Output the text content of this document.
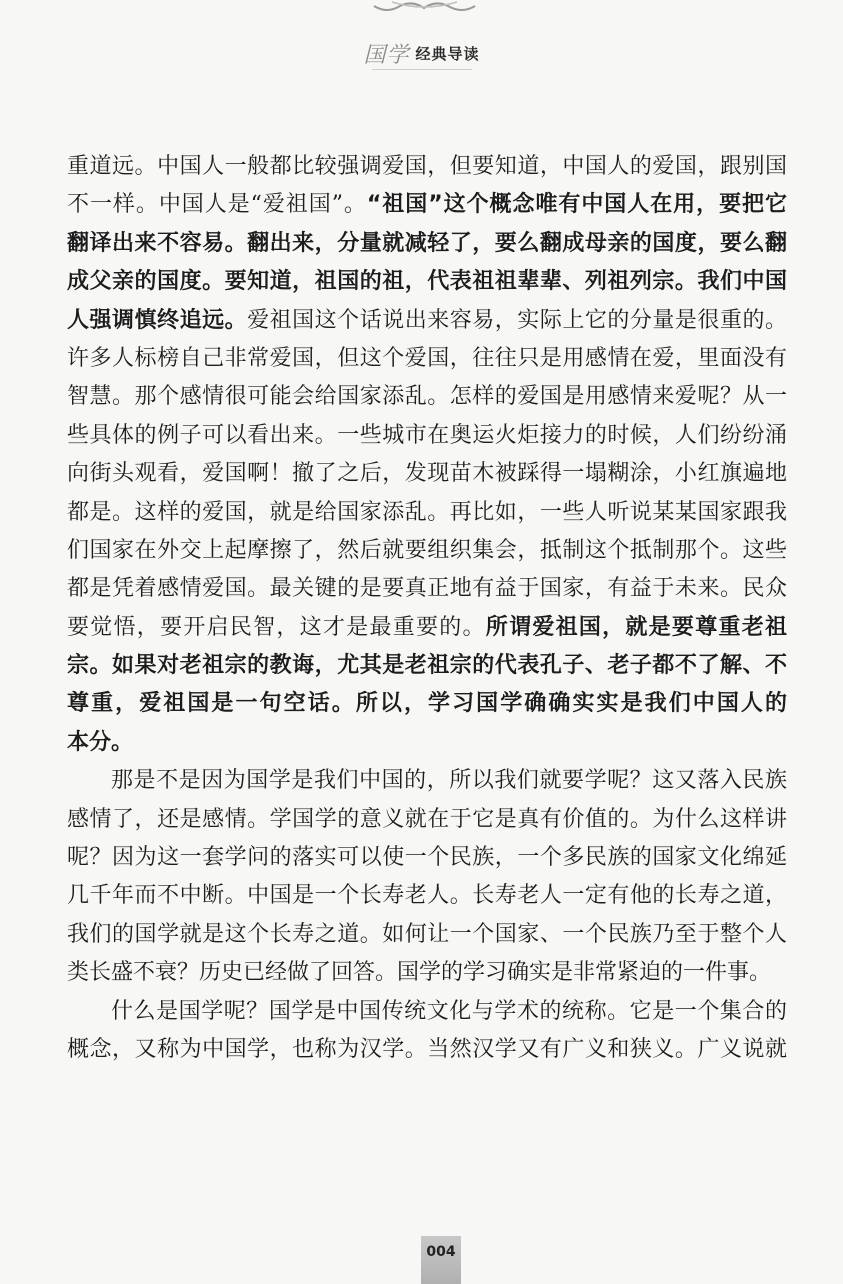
国学 经典导读
重道远。中国人一般都比较强调爱国，但要知道，中国人的爱国，跟别国
不一样。中国人是“爱祖国”。“祖国”这个概念唯有中国人在用，要把它
翻译出来不容易。翻出来，分量就减轻了，要么翻成母亲的国度，要么翻
成父亲的国度。要知道，祖国的祖，代表祖祖辈辈、列祖列宗。我们中国
人强调慎终追远。爱祖国这个话说出来容易，实际上它的分量是很重的。
许多人标榜自己非常爱国，但这个爱国，往往只是用感情在爱，里面没有
智慧。那个感情很可能会给国家添乱。怎样的爱国是用感情来爱呢？从一
些具体的例子可以看出来。一些城市在奥运火炬接力的时候，人们纷纷涌
向街头观看，爱国啊！撤了之后，发现苗木被踩得一塌糊涂，小红旗遍地
都是。这样的爱国，就是给国家添乱。再比如，一些人听说某某国家跟我
们国家在外交上起摩擦了，然后就要组织集会，抵制这个抵制那个。这些
都是凭着感情爱国。最关键的是要真正地有益于国家，有益于未来。民众
要觉悟，要开启民智，这才是最重要的。所谓爱祖国，就是要尊重老祖
宗。如果对老祖宗的教诲，尤其是老祖宗的代表孔子、老子都不了解、不
尊重，爱祖国是一句空话。所以，学习国学确确实实是我们中国人的
本分。
那是不是因为国学是我们中国的，所以我们就要学呢？这又落入民族
感情了，还是感情。学国学的意义就在于它是真有价值的。为什么这样讲
呢？因为这一套学问的落实可以使一个民族，一个多民族的国家文化绵延
几千年而不中断。中国是一个长寿老人。长寿老人一定有他的长寿之道，
我们的国学就是这个长寿之道。如何让一个国家、一个民族乃至于整个人
类长盛不衰？历史已经做了回答。国学的学习确实是非常紧迫的一件事。
什么是国学呢？国学是中国传统文化与学术的统称。它是一个集合的
概念，又称为中国学，也称为汉学。当然汉学又有广义和狭义。广义说就
004
